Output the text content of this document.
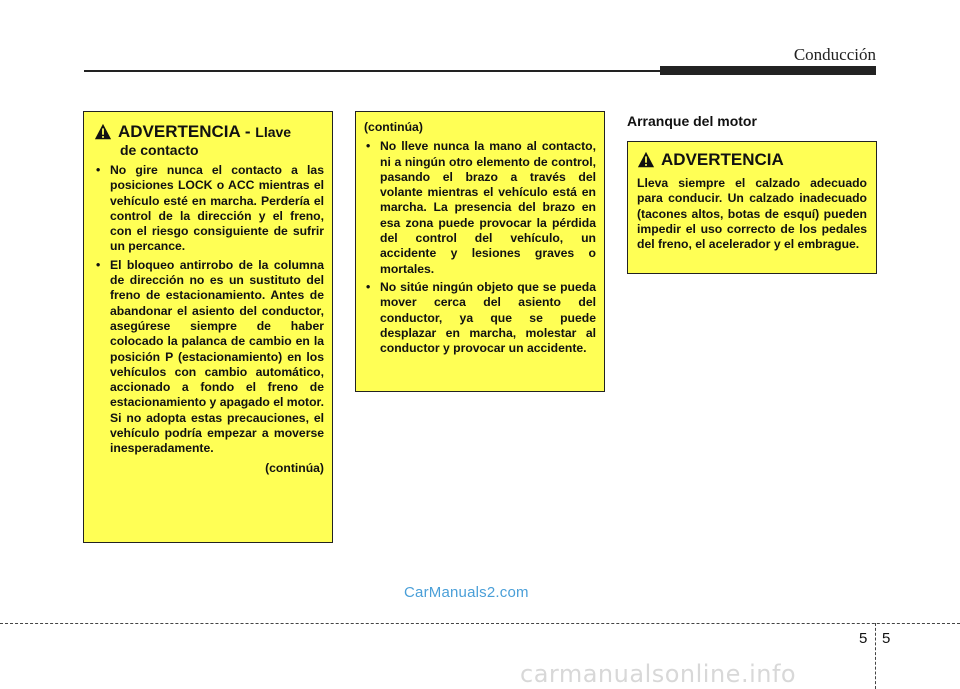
Conducción
ADVERTENCIA - Llave
de contacto
• No gire nunca el contacto a las posiciones LOCK o ACC mientras el vehículo esté en marcha. Perdería el control de la dirección y el freno, con el riesgo consiguiente de sufrir un percance.
• El bloqueo antirrobo de la columna de dirección no es un sustituto del freno de estacionamiento. Antes de abandonar el asiento del conductor, asegúrese siempre de haber colocado la palanca de cambio en la posición P (estacionamiento) en los vehículos con cambio automático, accionado a fondo el freno de estacionamiento y apagado el motor. Si no adopta estas precauciones, el vehículo podría empezar a moverse inesperadamente.
(continúa)
(continúa)
• No lleve nunca la mano al contacto, ni a ningún otro elemento de control, pasando el brazo a través del volante mientras el vehículo está en marcha. La presencia del brazo en esa zona puede provocar la pérdida del control del vehículo, un accidente y lesiones graves o mortales.
• No sitúe ningún objeto que se pueda mover cerca del asiento del conductor, ya que se puede desplazar en marcha, molestar al conductor y provocar un accidente.
Arranque del motor
ADVERTENCIA

Lleva siempre el calzado adecuado para conducir. Un calzado inadecuado (tacones altos, botas de esquí) pueden impedir el uso correcto de los pedales del freno, el acelerador y el embrague.

CarManuals2.com
5 5
carmanualsonline.info
